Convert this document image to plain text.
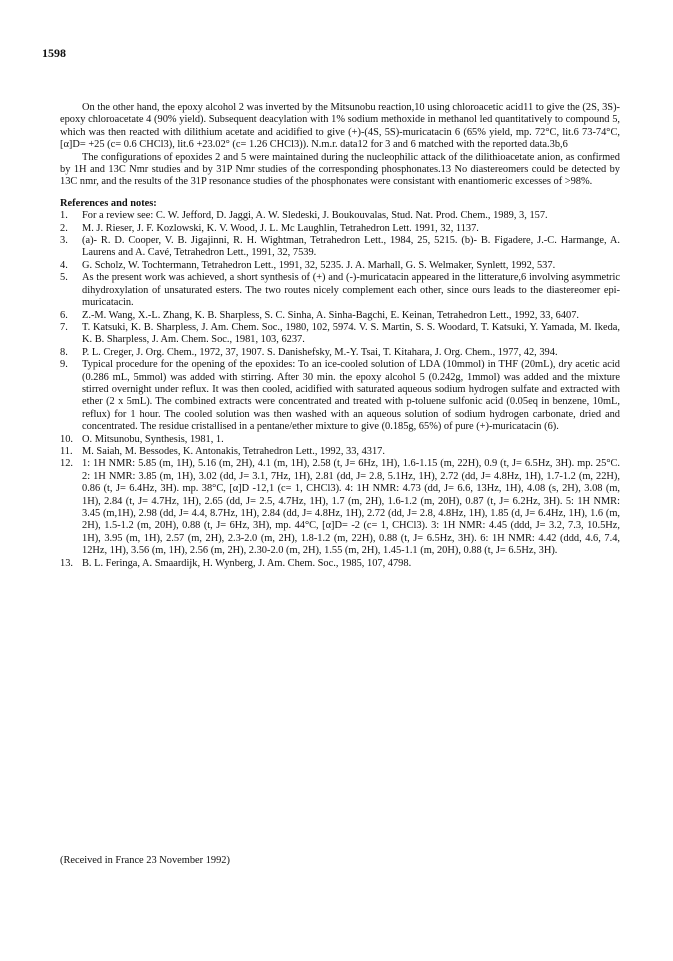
1598

On the other hand, the epoxy alcohol 2 was inverted by the Mitsunobu reaction,10 using chloroacetic acid11 to give the (2S, 3S)- epoxy chloroacetate 4 (90% yield). Subsequent deacylation with 1% sodium methoxide in methanol led quantitatively to compound 5, which was then reacted with dilithium acetate and acidified to give (+)-(4S, 5S)-muricatacin 6 (65% yield, mp. 72°C, lit.6 73-74°C, [α]D= +25 (c= 0.6 CHCl3), lit.6 +23.02° (c= 1.26 CHCl3)). N.m.r. data12 for 3 and 6 matched with the reported data.3b,6

The configurations of epoxides 2 and 5 were maintained during the nucleophilic attack of the dilithioacetate anion, as confirmed by 1H and 13C Nmr studies and by 31P Nmr studies of the corresponding phosphonates.13 No diastereomers could be detected by 13C nmr, and the results of the 31P resonance studies of the phosphonates were consistant with enantiomeric excesses of >98%.

References and notes:
1.	For a review see: C. W. Jefford, D. Jaggi, A. W. Sledeski, J. Boukouvalas, Stud. Nat. Prod. Chem., 1989, 3, 157.
2.	M. J. Rieser, J. F. Kozlowski, K. V. Wood, J. L. Mc Laughlin, Tetrahedron Lett. 1991, 32, 1137.
3.	(a)- R. D. Cooper, V. B. Jigajinni, R. H. Wightman, Tetrahedron Lett., 1984, 25, 5215. (b)- B. Figadere, J.-C. Harmange, A. Laurens and A. Cavé, Tetrahedron Lett., 1991, 32, 7539.
4.	G. Scholz, W. Tochtermann, Tetrahedron Lett., 1991, 32, 5235. J. A. Marhall, G. S. Welmaker, Synlett, 1992, 537.
5.	As the present work was achieved, a short synthesis of (+) and (-)-muricatacin appeared in the litterature,6 involving asymmetric dihydroxylation of unsaturated esters. The two routes nicely complement each other, since ours leads to the diastereomer epi-muricatacin.
6.	Z.-M. Wang, X.-L. Zhang, K. B. Sharpless, S. C. Sinha, A. Sinha-Bagchi, E. Keinan, Tetrahedron Lett., 1992, 33, 6407.
7.	T. Katsuki, K. B. Sharpless, J. Am. Chem. Soc., 1980, 102, 5974. V. S. Martin, S. S. Woodard, T. Katsuki, Y. Yamada, M. Ikeda, K. B. Sharpless, J. Am. Chem. Soc., 1981, 103, 6237.
8.	P. L. Creger, J. Org. Chem., 1972, 37, 1907. S. Danishefsky, M.-Y. Tsai, T. Kitahara, J. Org. Chem., 1977, 42, 394.
9.	Typical procedure for the opening of the epoxides: To an ice-cooled solution of LDA (10mmol) in THF (20mL), dry acetic acid (0.286 mL, 5mmol) was added with stirring. After 30 min. the epoxy alcohol 5 (0.242g, 1mmol) was added and the mixture stirred overnight under reflux. It was then cooled, acidified with saturated aqueous sodium hydrogen sulfate and extracted with ether (2 x 5mL). The combined extracts were concentrated and treated with p-toluene sulfonic acid (0.05eq in benzene, 10mL, reflux) for 1 hour. The cooled solution was then washed with an aqueous solution of sodium hydrogen carbonate, dried and concentrated. The residue cristallised in a pentane/ether mixture to give (0.185g, 65%) of pure (+)-muricatacin (6).
10. O. Mitsunobu, Synthesis, 1981, 1.
11. M. Saiah, M. Bessodes, K. Antonakis, Tetrahedron Lett., 1992, 33, 4317.
12. 1: 1H NMR: 5.85 (m, 1H), 5.16 (m, 2H), 4.1 (m, 1H), 2.58 (t, J= 6Hz, 1H), 1.6-1.15 (m, 22H), 0.9 (t, J= 6.5Hz, 3H). mp. 25°C. 2: 1H NMR: 3.85 (m, 1H), 3.02 (dd, J= 3.1, 7Hz, 1H), 2.81 (dd, J= 2.8, 5.1Hz, 1H), 2.72 (dd, J= 4.8Hz, 1H), 1.7-1.2 (m, 22H), 0.86 (t, J= 6.4Hz, 3H). mp. 38°C, [α]D -12,1 (c= 1, CHCl3). 4: 1H NMR: 4.73 (dd, J= 6.6, 13Hz, 1H), 4.08 (s, 2H), 3.08 (m, 1H), 2.84 (t, J= 4.7Hz, 1H), 2.65 (dd, J= 2.5, 4.7Hz, 1H), 1.7 (m, 2H), 1.6-1.2 (m, 20H), 0.87 (t, J= 6.2Hz, 3H). 5: 1H NMR: 3.45 (m,1H), 2.98 (dd, J= 4.4, 8.7Hz, 1H), 2.84 (dd, J= 4.8Hz, 1H), 2.72 (dd, J= 2.8, 4.8Hz, 1H), 1.85 (d, J= 6.4Hz, 1H), 1.6 (m, 2H), 1.5-1.2 (m, 20H), 0.88 (t, J= 6Hz, 3H), mp. 44°C, [α]D= -2 (c= 1, CHCl3). 3: 1H NMR: 4.45 (ddd, J= 3.2, 7.3, 10.5Hz, 1H), 3.95 (m, 1H), 2.57 (m, 2H), 2.3-2.0 (m, 2H), 1.8-1.2 (m, 22H), 0.88 (t, J= 6.5Hz, 3H). 6: 1H NMR: 4.42 (ddd, 4.6, 7.4, 12Hz, 1H), 3.56 (m, 1H), 2.56 (m, 2H), 2.30-2.0 (m, 2H), 1.55 (m, 2H), 1.45-1.1 (m, 20H), 0.88 (t, J= 6.5Hz, 3H).
13. B. L. Feringa, A. Smaardijk, H. Wynberg, J. Am. Chem. Soc., 1985, 107, 4798.
(Received in France 23 November 1992)
